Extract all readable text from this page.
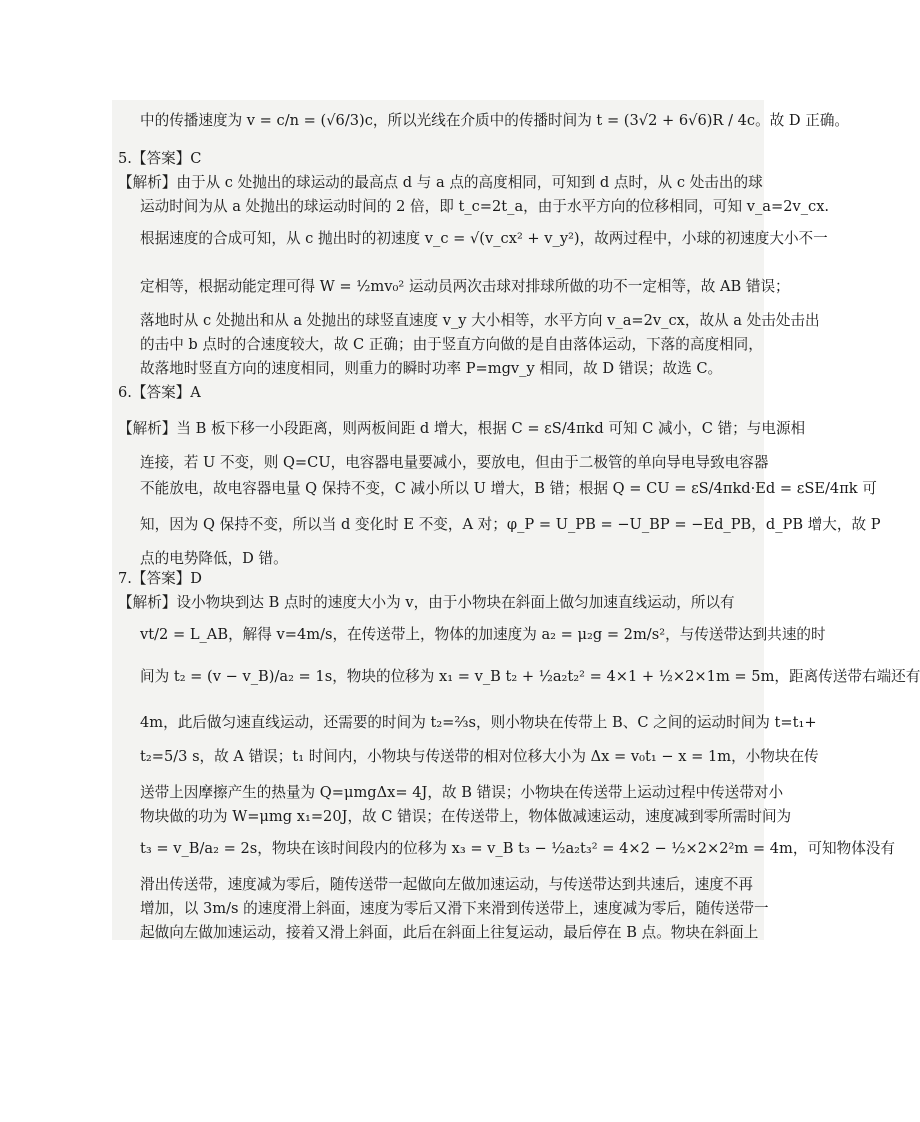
中的传播速度为 v = c/n = (√6/3)c，所以光线在介质中的传播时间为 t = (3√2 + 6√6)R / 4c。故 D 正确。
5.【答案】C
【解析】由于从 c 处抛出的球运动的最高点 d 与 a 点的高度相同，可知到 d 点时，从 c 处击出的球
运动时间为从 a 处抛出的球运动时间的 2 倍，即 t_c=2t_a，由于水平方向的位移相同，可知 v_a=2v_cx.
根据速度的合成可知，从 c 抛出时的初速度 v_c = √(v_cx² + v_y²)，故两过程中，小球的初速度大小不一
定相等，根据动能定理可得 W = ½mv₀² 运动员两次击球对排球所做的功不一定相等，故 AB 错误；
落地时从 c 处抛出和从 a 处抛出的球竖直速度 v_y 大小相等，水平方向 v_a=2v_cx，故从 a 处击处击出
的击中 b 点时的合速度较大，故 C 正确；由于竖直方向做的是自由落体运动，下落的高度相同，
故落地时竖直方向的速度相同，则重力的瞬时功率 P=mgv_y 相同，故 D 错误；故选 C。
6.【答案】A
【解析】当 B 板下移一小段距离，则两板间距 d 增大，根据 C = εS/4πkd 可知 C 减小，C 错；与电源相
连接，若 U 不变，则 Q=CU，电容器电量要减小，要放电，但由于二极管的单向导电导致电容器
不能放电，故电容器电量 Q 保持不变，C 减小所以 U 增大，B 错；根据 Q = CU = εS/4πkd·Ed = εSE/4πk 可
知，因为 Q 保持不变，所以当 d 变化时 E 不变，A 对；φ_P = U_PB = −U_BP = −Ed_PB，d_PB 增大，故 P
点的电势降低，D 错。
7.【答案】D
【解析】设小物块到达 B 点时的速度大小为 v，由于小物块在斜面上做匀加速直线运动，所以有
vt/2 = L_AB，解得 v=4m/s，在传送带上，物体的加速度为 a₂ = μ₂g = 2m/s²，与传送带达到共速的时
间为 t₂ = (v − v_B)/a₂ = 1s，物块的位移为 x₁ = v_B t₂ + ½a₂t₂² = 4×1 + ½×2×1m = 5m，距离传送带右端还有
4m，此后做匀速直线运动，还需要的时间为 t₂=⅔s，则小物块在传带上 B、C 之间的运动时间为 t=t₁+
t₂=5/3 s，故 A 错误；t₁ 时间内，小物块与传送带的相对位移大小为 Δx = v₀t₁ − x = 1m，小物块在传
送带上因摩擦产生的热量为 Q=μmgΔx= 4J，故 B 错误；小物块在传送带上运动过程中传送带对小
物块做的功为 W=μmg x₁=20J，故 C 错误；在传送带上，物体做减速运动，速度减到零所需时间为
t₃ = v_B/a₂ = 2s，物块在该时间段内的位移为 x₃ = v_B t₃ − ½a₂t₃² = 4×2 − ½×2×2²m = 4m，可知物体没有
滑出传送带，速度减为零后，随传送带一起做向左做加速运动，与传送带达到共速后，速度不再
增加，以 3m/s 的速度滑上斜面，速度为零后又滑下来滑到传送带上，速度减为零后，随传送带一
起做向左做加速运动，接着又滑上斜面，此后在斜面上往复运动，最后停在 B 点。物块在斜面上
